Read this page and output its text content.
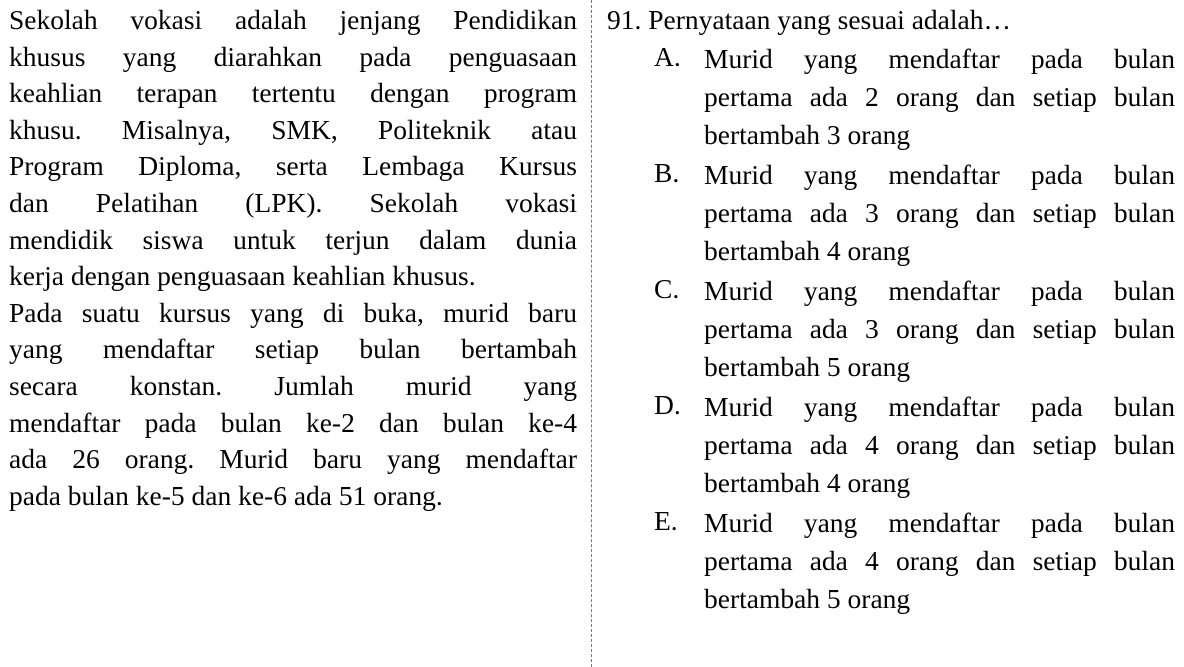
Sekolah vokasi adalah jenjang Pendidikan
khusus yang diarahkan pada penguasaan
keahlian terapan tertentu dengan program
khusu. Misalnya, SMK, Politeknik atau
Program Diploma, serta Lembaga Kursus
dan Pelatihan (LPK). Sekolah vokasi
mendidik siswa untuk terjun dalam dunia
kerja dengan penguasaan keahlian khusus.
Pada suatu kursus yang di buka, murid baru
yang mendaftar setiap bulan bertambah
secara konstan. Jumlah murid yang
mendaftar pada bulan ke-2 dan bulan ke-4
ada 26 orang. Murid baru yang mendaftar
pada bulan ke-5 dan ke-6 ada 51 orang.

91. Pernyataan yang sesuai adalah…

A. Murid yang mendaftar pada bulan
pertama ada 2 orang dan setiap bulan
bertambah 3 orang
B. Murid yang mendaftar pada bulan
pertama ada 3 orang dan setiap bulan
bertambah 4 orang
C. Murid yang mendaftar pada bulan
pertama ada 3 orang dan setiap bulan
bertambah 5 orang
D. Murid yang mendaftar pada bulan
pertama ada 4 orang dan setiap bulan
bertambah 4 orang
E. Murid yang mendaftar pada bulan
pertama ada 4 orang dan setiap bulan
bertambah 5 orang
